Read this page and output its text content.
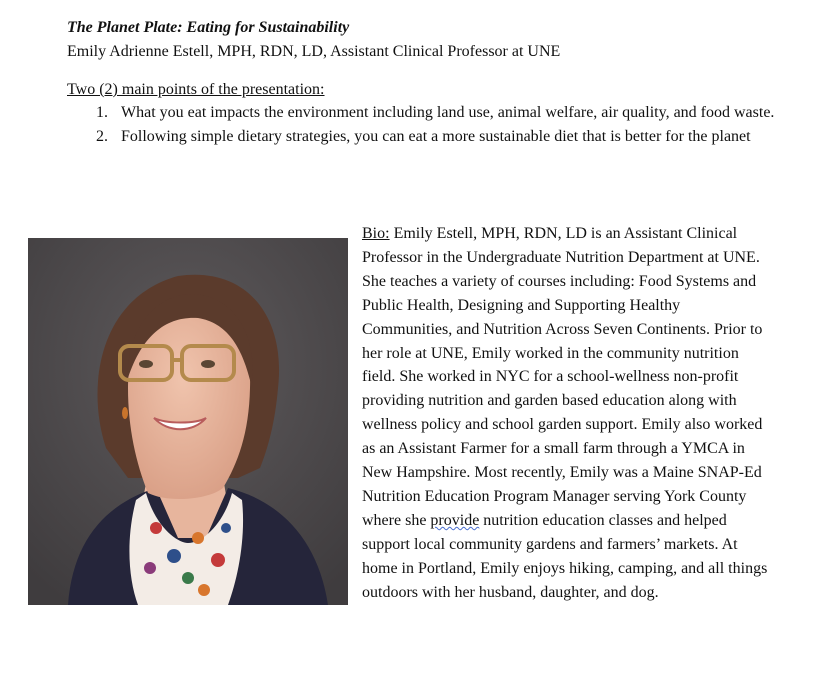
The Planet Plate: Eating for Sustainability
Emily Adrienne Estell, MPH, RDN, LD, Assistant Clinical Professor at UNE
Two (2) main points of the presentation:
1. What you eat impacts the environment including land use, animal welfare, air quality, and food waste.
2. Following simple dietary strategies, you can eat a more sustainable diet that is better for the planet
Bio: Emily Estell, MPH, RDN, LD is an Assistant Clinical Professor in the Undergraduate Nutrition Department at UNE. She teaches a variety of courses including: Food Systems and Public Health, Designing and Supporting Healthy Communities, and Nutrition Across Seven Continents. Prior to her role at UNE, Emily worked in the community nutrition field. She worked in NYC for a school-wellness non-profit providing nutrition and garden based education along with wellness policy and school garden support. Emily also worked as an Assistant Farmer for a small farm through a YMCA in New Hampshire. Most recently, Emily was a Maine SNAP-Ed Nutrition Education Program Manager serving York County where she provide nutrition education classes and helped support local community gardens and farmers’ markets. At home in Portland, Emily enjoys hiking, camping, and all things outdoors with her husband, daughter, and dog.
